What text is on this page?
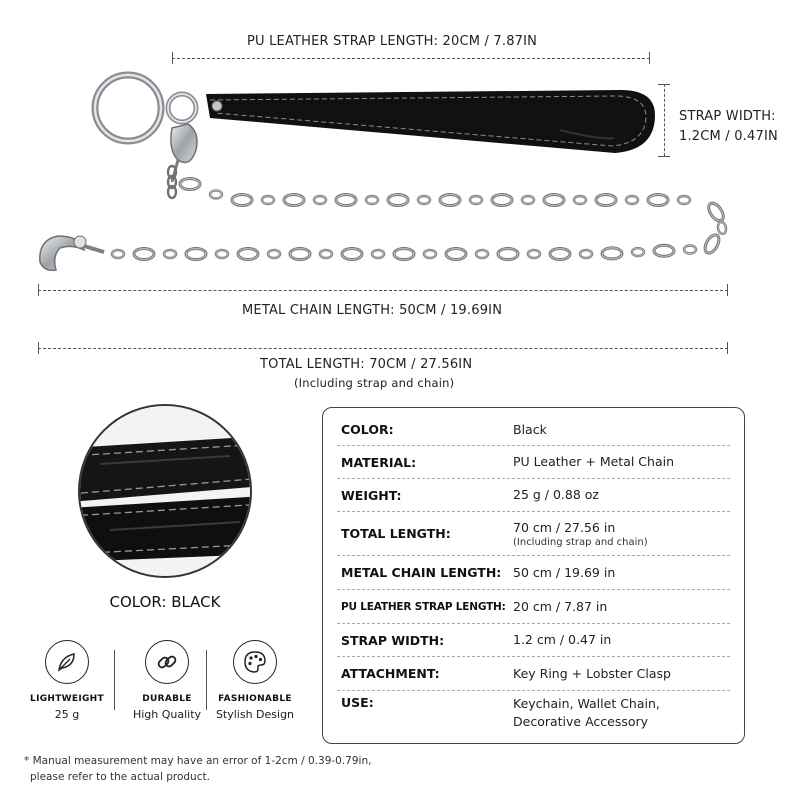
PU LEATHER STRAP LENGTH: 20CM / 7.87IN
STRAP WIDTH:
1.2CM / 0.47IN
METAL CHAIN LENGTH: 50CM / 19.69IN
TOTAL LENGTH: 70CM / 27.56IN
(Including strap and chain)
COLOR: BLACK
LIGHTWEIGHT
25 g
DURABLE
High Quality
FASHIONABLE
Stylish Design
COLOR:	Black
MATERIAL:	PU Leather + Metal Chain
WEIGHT:	25 g / 0.88 oz
TOTAL LENGTH:	70 cm / 27.56 in
(Including strap and chain)
METAL CHAIN LENGTH: 50 cm / 19.69 in
PU LEATHER STRAP LENGTH: 20 cm / 7.87 in
STRAP WIDTH:	1.2 cm / 0.47 in
ATTACHMENT:	Key Ring + Lobster Clasp
USE:	Keychain, Wallet Chain,
Decorative Accessory
* Manual measurement may have an error of 1-2cm / 0.39-0.79in,
please refer to the actual product.
